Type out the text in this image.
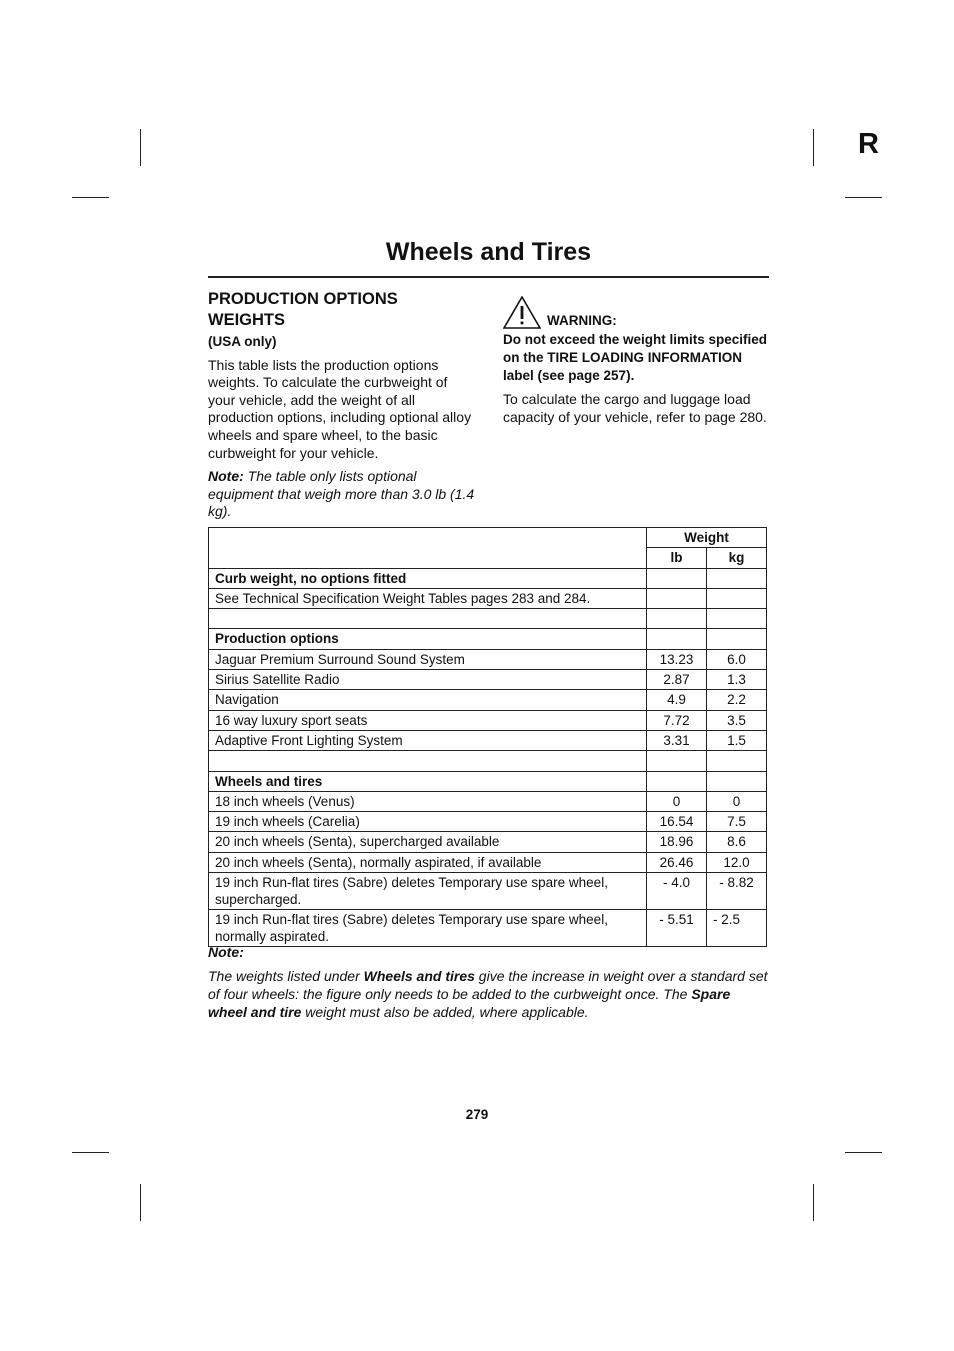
R
Wheels and Tires
PRODUCTION OPTIONS
WEIGHTS
(USA only)

This table lists the production options weights. To calculate the curbweight of your vehicle, add the weight of all production options, including optional alloy wheels and spare wheel, to the basic curbweight for your vehicle.

Note: The table only lists optional equipment that weigh more than 3.0 lb (1.4 kg).

WARNING:

Do not exceed the weight limits specified on the TIRE LOADING INFORMATION label (see page 257).

To calculate the cargo and luggage load capacity of your vehicle, refer to page 280.

	Weight	
	lb	kg
Curb weight, no options fitted		
See Technical Specification Weight Tables pages 283 and 284.		

Production options		
Jaguar Premium Surround Sound System	13.23	6.0
Sirius Satellite Radio	2.87	1.3
Navigation	4.9	2.2
16 way luxury sport seats	7.72	3.5
Adaptive Front Lighting System	3.31	1.5

Wheels and tires		
18 inch wheels (Venus)	0	0
19 inch wheels (Carelia)	16.54	7.5
20 inch wheels (Senta), supercharged available	18.96	8.6
20 inch wheels (Senta), normally aspirated, if available	26.46	12.0
19 inch Run-flat tires (Sabre) deletes Temporary use spare wheel, supercharged.	- 4.0	- 8.82
19 inch Run-flat tires (Sabre) deletes Temporary use spare wheel, normally aspirated.	- 5.51	- 2.5
Note:
The weights listed under Wheels and tires give the increase in weight over a standard set of four wheels: the figure only needs to be added to the curbweight once. The Spare wheel and tire weight must also be added, where applicable.
279
